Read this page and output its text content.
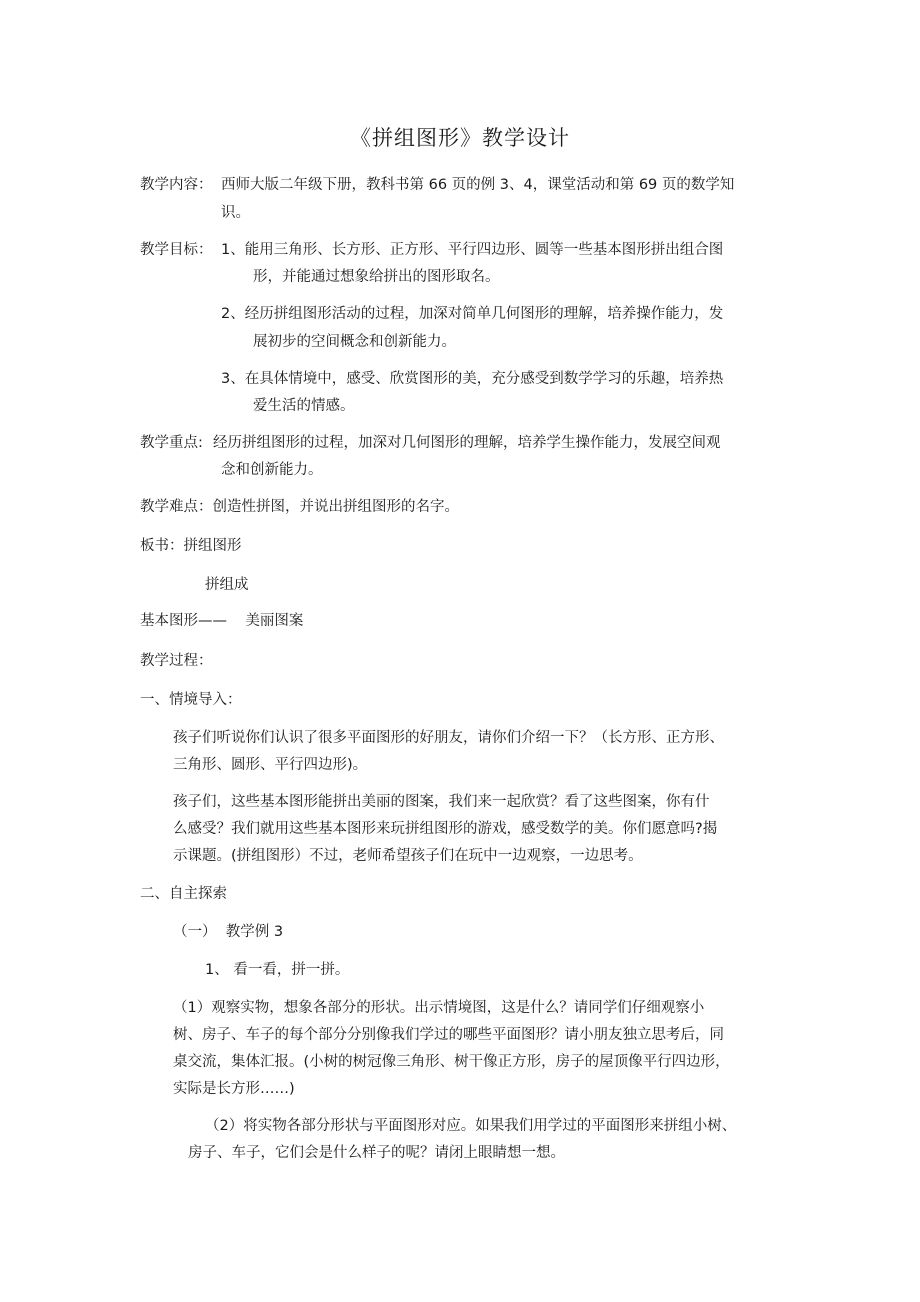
《拼组图形》教学设计
教学内容： 西师大版二年级下册，教科书第 66 页的例 3、4，课堂活动和第 69 页的数学知
识。
教学目标： 1、能用三角形、长方形、正方形、平行四边形、圆等一些基本图形拼出组合图
形，并能通过想象给拼出的图形取名。
2、经历拼组图形活动的过程，加深对简单几何图形的理解，培养操作能力，发
展初步的空间概念和创新能力。
3、在具体情境中，感受、欣赏图形的美，充分感受到数学学习的乐趣，培养热
爱生活的情感。
教学重点: 经历拼组图形的过程，加深对几何图形的理解，培养学生操作能力，发展空间观
念和创新能力。
教学难点：创造性拼图，并说出拼组图形的名字。
板书：拼组图形
拼组成
基本图形——    美丽图案
教学过程：
一、情境导入：
孩子们听说你们认识了很多平面图形的好朋友，请你们介绍一下？（长方形、正方形、
三角形、圆形、平行四边形)。
孩子们，这些基本图形能拼出美丽的图案，我们来一起欣赏？看了这些图案，你有什
么感受？我们就用这些基本图形来玩拼组图形的游戏，感受数学的美。你们愿意吗?揭
示课题。(拼组图形）不过，老师希望孩子们在玩中一边观察，一边思考。
二、自主探索
（一）  教学例 3
1、 看一看，拼一拼。
（1）观察实物，想象各部分的形状。出示情境图，这是什么？请同学们仔细观察小
树、房子、车子的每个部分分别像我们学过的哪些平面图形？请小朋友独立思考后，同
桌交流，集体汇报。(小树的树冠像三角形、树干像正方形，房子的屋顶像平行四边形，
实际是长方形……)
（2）将实物各部分形状与平面图形对应。如果我们用学过的平面图形来拼组小树、
房子、车子，它们会是什么样子的呢？请闭上眼睛想一想。
